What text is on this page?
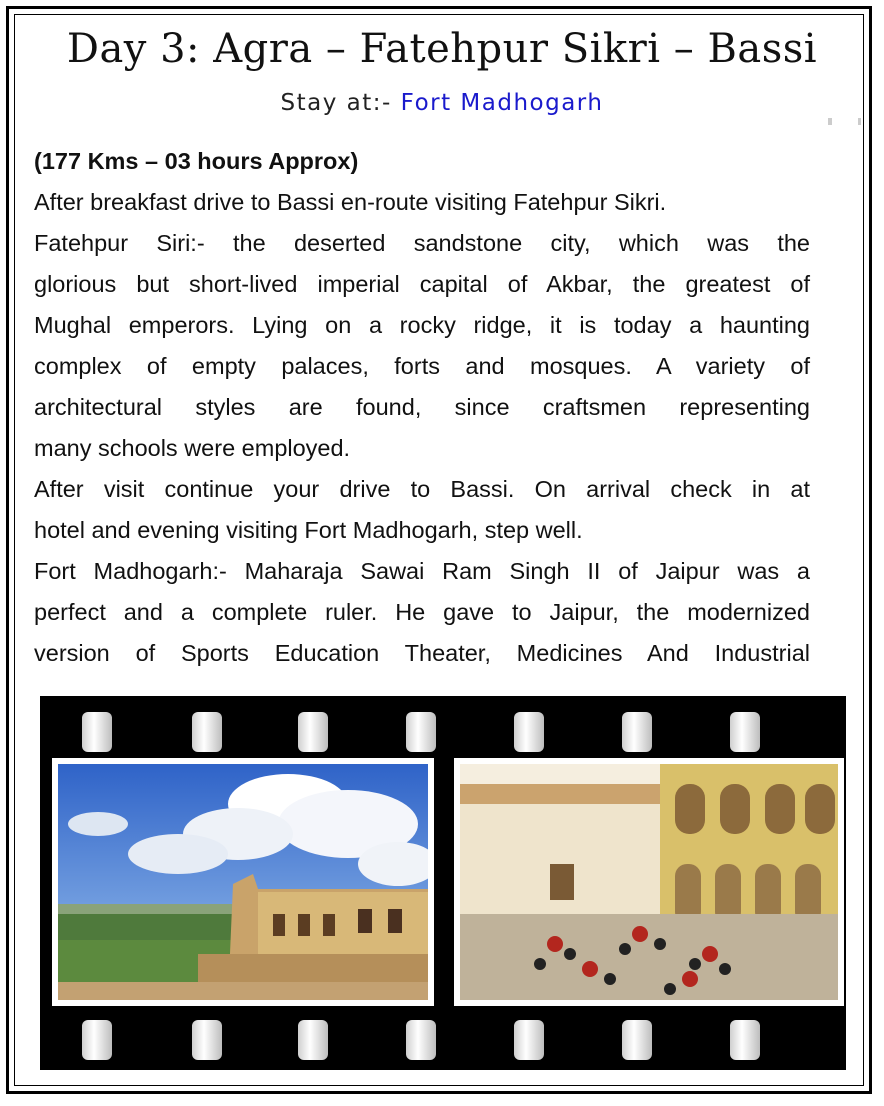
Day 3: Agra – Fatehpur Sikri – Bassi
Stay at:- Fort Madhogarh

(177 Kms – 03 hours Approx)

After breakfast drive to Bassi en-route visiting Fatehpur Sikri.

Fatehpur Siri:- the deserted sandstone city, which was the

glorious but short-lived imperial capital of Akbar, the greatest of

Mughal emperors. Lying on a rocky ridge, it is today a haunting

complex of empty palaces, forts and mosques. A variety of

architectural styles are found, since craftsmen representing

many schools were employed.

After visit continue your drive to Bassi. On arrival check in at

hotel and evening visiting Fort Madhogarh, step well.

Fort Madhogarh:- Maharaja Sawai Ram Singh II of Jaipur was a

perfect and a complete ruler. He gave to Jaipur, the modernized

version of Sports Education Theater, Medicines And Industrial
